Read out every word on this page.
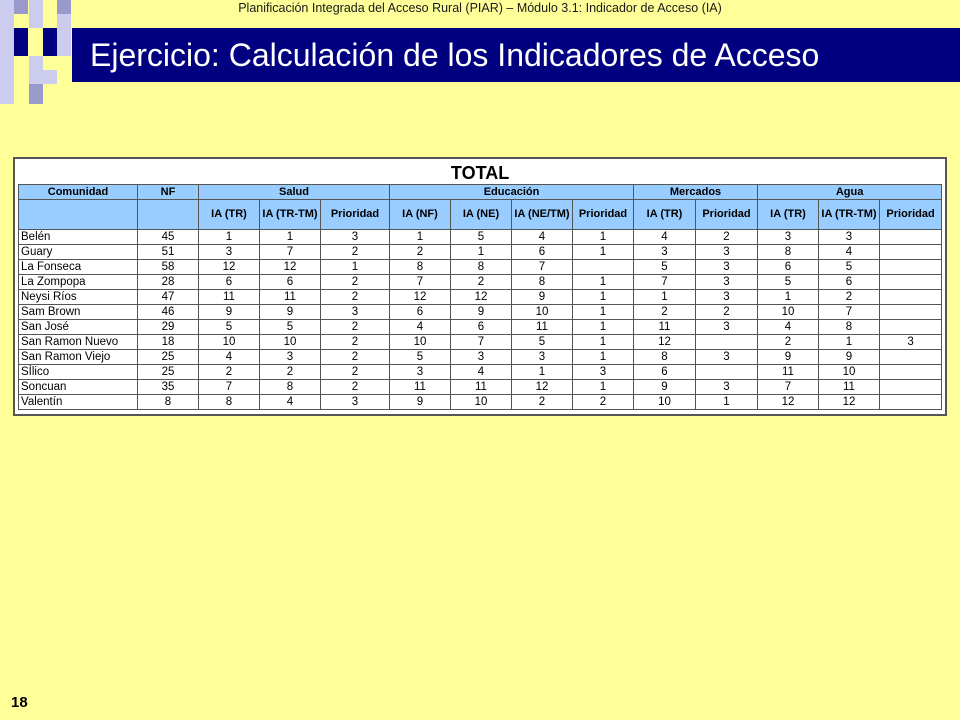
Planificación Integrada del Acceso Rural (PIAR) – Módulo 3.1: Indicador de Acceso (IA)
Ejercicio: Calculación de los Indicadores de Acceso
TOTAL													
Comunidad	NF	Salud			Educación				Mercados		Agua		
		IA (TR)	IA (TR-TM)	Prioridad	IA (NF)	IA (NE)	IA (NE/TM)	Prioridad	IA (TR)	Prioridad	IA (TR)	IA (TR-TM)	Prioridad
Belén	45	1	1	3	1	5	4	1	4	2	3	3	
Guary	51	3	7	2	2	1	6	1	3	3	8	4	
La Fonseca	58	12	12	1	8	8	7		5	3	6	5	
La Zompopa	28	6	6	2	7	2	8	1	7	3	5	6	
Neysi Ríos	47	11	11	2	12	12	9	1	1	3	1	2	
Sam Brown	46	9	9	3	6	9	10	1	2	2	10	7	
San José	29	5	5	2	4	6	11	1	11	3	4	8	
San Ramon Nuevo	18	10	10	2	10	7	5	1	12		2	1	3
San Ramon Viejo	25	4	3	2	5	3	3	1	8	3	9	9	
SÍlico	25	2	2	2	3	4	1	3	6		11	10	
Soncuan	35	7	8	2	11	11	12	1	9	3	7	11	
Valentín	8	8	4	3	9	10	2	2	10	1	12	12	
18
